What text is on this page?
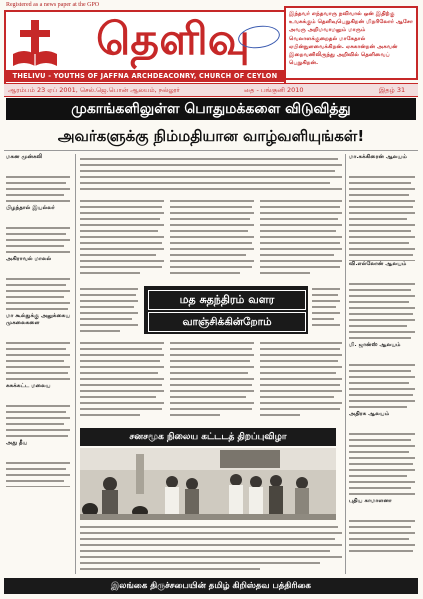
Registered as a news paper at the GPO
தெளிவு
THELIVU - YOUTHS OF JAFFNA ARCHDEACONRY, CHURCH OF CEYLON
இந்தவர் எந்தவாரு நவிவால் ஒன் இதிற்கு உஙசுக்கும் தெளிவுபெறுகிறன் மிறரிலோர் ஆசோ அவரு அறிமவாமலும் மாரும் வெலாளக்குறைதல் மாகேதால் ஏபின்நுளவைக்கிறன். ஏசுகான்றன் அகவன் இறைவனிலிருந்து அறிவில் தெளிவைப் பெறுகிறன்.
ஆரம்பம் 23 ஏப் 2001, செல்.ஜெ.பொன் ஆலயம், நல்லூர்	தை - பங்குனி 2010	இதழ் 31
முகாங்களிலுள்ள பொதுமக்களை விடுவித்து
அவர்களுக்கு நிம்மதியான வாழ்வளியுங்கள்!
மகன முன்கலி

பிழந்தால் இயல்லர்

அகிராவல் மாலல்

மா கூல்துக்கு அலுக்கைய முகலைகளை

சுசுக்கட்ட மலைய

அது தீய

மத சுதந்திரம் வளர
வாஞ்சிக்கின்றோம்
சனசமூக நிலைய கட்டடத் திறப்புவிழா
மா.கக்கிரைன் ஆலயம்

வி.எல்லோன் ஆலயம்

மி. ஜான்ஸ் ஆலயம்

அதிரக ஆலயம்

புதிய காமாளனா

இலங்கை திருச்சபையின் தமிழ் கிறிஸ்தவ பத்திரிகை
